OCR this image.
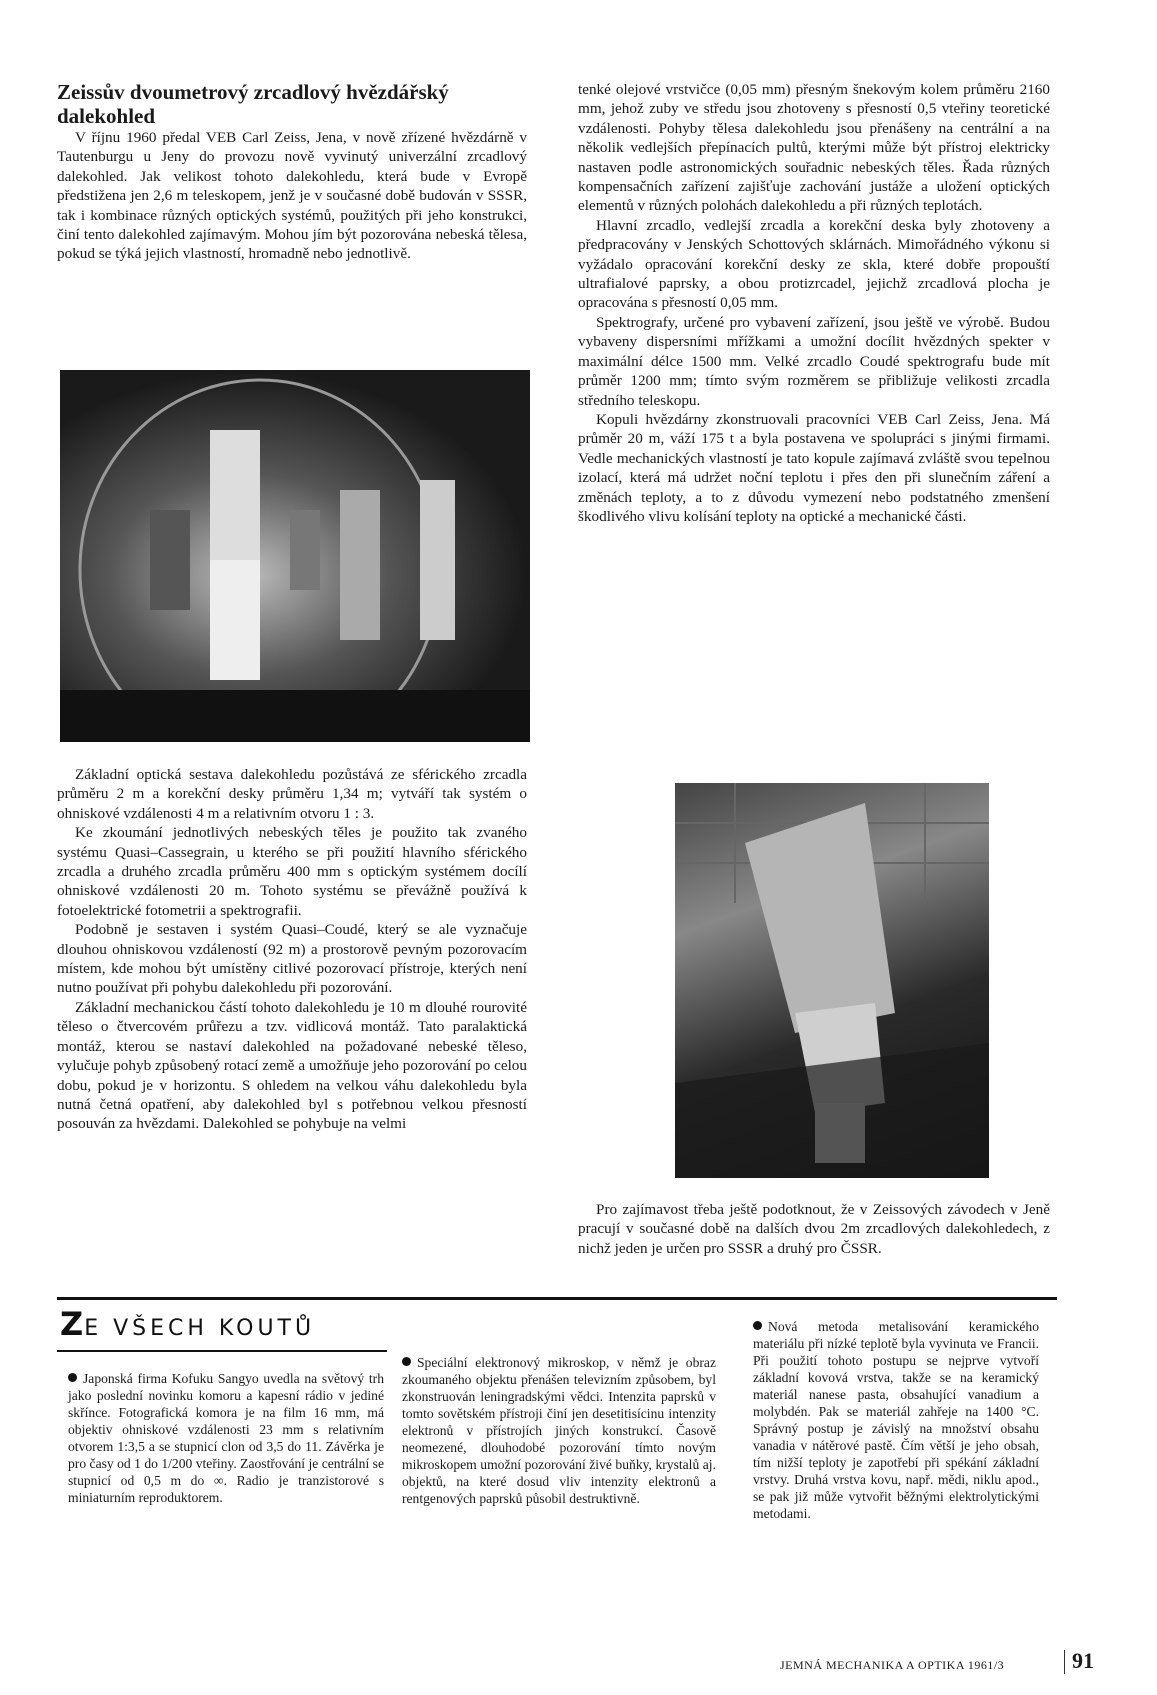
Zeissův dvoumetrový zrcadlový hvězdářský dalekohled

V říjnu 1960 předal VEB Carl Zeiss, Jena, v nově zřízené hvězdárně v Tautenburgu u Jeny do provozu nově vyvinutý univerzální zrcadlový dalekohled. Jak velikost tohoto dalekohledu, která bude v Evropě předstižena jen 2,6 m teleskopem, jenž je v současné době budován v SSSR, tak i kombinace různých optických systémů, použitých při jeho konstrukci, činí tento dalekohled zajímavým. Mohou jím být pozorována nebeská tělesa, pokud se týká jejich vlastností, hromadně nebo jednotlivě.

tenké olejové vrstvičce (0,05 mm) přesným šnekovým kolem průměru 2160 mm, jehož zuby ve středu jsou zhotoveny s přesností 0,5 vteřiny teoretické vzdálenosti. Pohyby tělesa dalekohledu jsou přenášeny na centrální a na několik vedlejších přepínacích pultů, kterými může být přístroj elektricky nastaven podle astronomických souřadnic nebeských těles. Řada různých kompensačních zařízení zajišťuje zachování justáže a uložení optických elementů v různých polohách dalekohledu a při různých teplotách.

Hlavní zrcadlo, vedlejší zrcadla a korekční deska byly zhotoveny a předpracovány v Jenských Schottových sklárnách. Mimořádného výkonu si vyžádalo opracování korekční desky ze skla, které dobře propouští ultrafialové paprsky, a obou protizrcadel, jejichž zrcadlová plocha je opracována s přesností 0,05 mm.

Spektrografy, určené pro vybavení zařízení, jsou ještě ve výrobě. Budou vybaveny dispersními mřížkami a umožní docílit hvězdných spekter v maximální délce 1500 mm. Velké zrcadlo Coudé spektrografu bude mít průměr 1200 mm; tímto svým rozměrem se přibližuje velikosti zrcadla středního teleskopu.

Kopuli hvězdárny zkonstruovali pracovníci VEB Carl Zeiss, Jena. Má průměr 20 m, váží 175 t a byla postavena ve spolupráci s jinými firmami. Vedle mechanických vlastností je tato kopule zajímavá zvláště svou tepelnou izolací, která má udržet noční teplotu i přes den při slunečním záření a změnách teploty, a to z důvodu vymezení nebo podstatného zmenšení škodlivého vlivu kolísání teploty na optické a mechanické části.

Základní optická sestava dalekohledu pozůstává ze sférického zrcadla průměru 2 m a korekční desky průměru 1,34 m; vytváří tak systém o ohniskové vzdálenosti 4 m a relativním otvoru 1 : 3.

Ke zkoumání jednotlivých nebeských těles je použito tak zvaného systému Quasi–Cassegrain, u kterého se při použití hlavního sférického zrcadla a druhého zrcadla průměru 400 mm s optickým systémem docílí ohniskové vzdálenosti 20 m. Tohoto systému se převážně používá k fotoelektrické fotometrii a spektrografii.

Podobně je sestaven i systém Quasi–Coudé, který se ale vyznačuje dlouhou ohniskovou vzdáleností (92 m) a prostorově pevným pozorovacím místem, kde mohou být umístěny citlivé pozorovací přístroje, kterých není nutno používat při pohybu dalekohledu při pozorování.

Základní mechanickou částí tohoto dalekohledu je 10 m dlouhé rourovité těleso o čtvercovém průřezu a tzv. vidlicová montáž. Tato paralaktická montáž, kterou se nastaví dalekohled na požadované nebeské těleso, vylučuje pohyb způsobený rotací země a umožňuje jeho pozorování po celou dobu, pokud je v horizontu. S ohledem na velkou váhu dalekohledu byla nutná četná opatření, aby dalekohled byl s potřebnou velkou přesností posouván za hvězdami. Dalekohled se pohybuje na velmi

Pro zajímavost třeba ještě podotknout, že v Zeissových závodech v Jeně pracují v současné době na dalších dvou 2m zrcadlových dalekohledech, z nichž jeden je určen pro SSSR a druhý pro ČSSR.

ZE VŠECH KOUTŮ

Japonská firma Kofuku Sangyo uvedla na světový trh jako poslední novinku komoru a kapesní rádio v jediné skřínce. Fotografická komora je na film 16 mm, má objektiv ohniskové vzdálenosti 23 mm s relativním otvorem 1:3,5 a se stupnicí clon od 3,5 do 11. Závěrka je pro časy od 1 do 1/200 vteřiny. Zaostřování je centrální se stupnicí od 0,5 m do ∞. Radio je tranzistorové s miniaturním reproduktorem.

Speciální elektronový mikroskop, v němž je obraz zkoumaného objektu přenášen televizním způsobem, byl zkonstruován leningradskými vědci. Intenzita paprsků v tomto sovětském přístroji činí jen desetitisícinu intenzity elektronů v přístrojích jiných konstrukcí. Časově neomezené, dlouhodobé pozorování tímto novým mikroskopem umožní pozorování živé buňky, krystalů aj. objektů, na které dosud vliv intenzity elektronů a rentgenových paprsků působil destruktivně.

Nová metoda metalisování keramického materiálu při nízké teplotě byla vyvinuta ve Francii. Při použití tohoto postupu se nejprve vytvoří základní kovová vrstva, takže se na keramický materiál nanese pasta, obsahující vanadium a molybdén. Pak se materiál zahřeje na 1400 °C. Správný postup je závislý na množství obsahu vanadia v nátěrové pastě. Čím větší je jeho obsah, tím nižší teploty je zapotřebí při spékání základní vrstvy. Druhá vrstva kovu, např. mědi, niklu apod., se pak již může vytvořit běžnými elektrolytickými metodami.

JEMNÁ MECHANIKA A OPTIKA 1961/3	91
